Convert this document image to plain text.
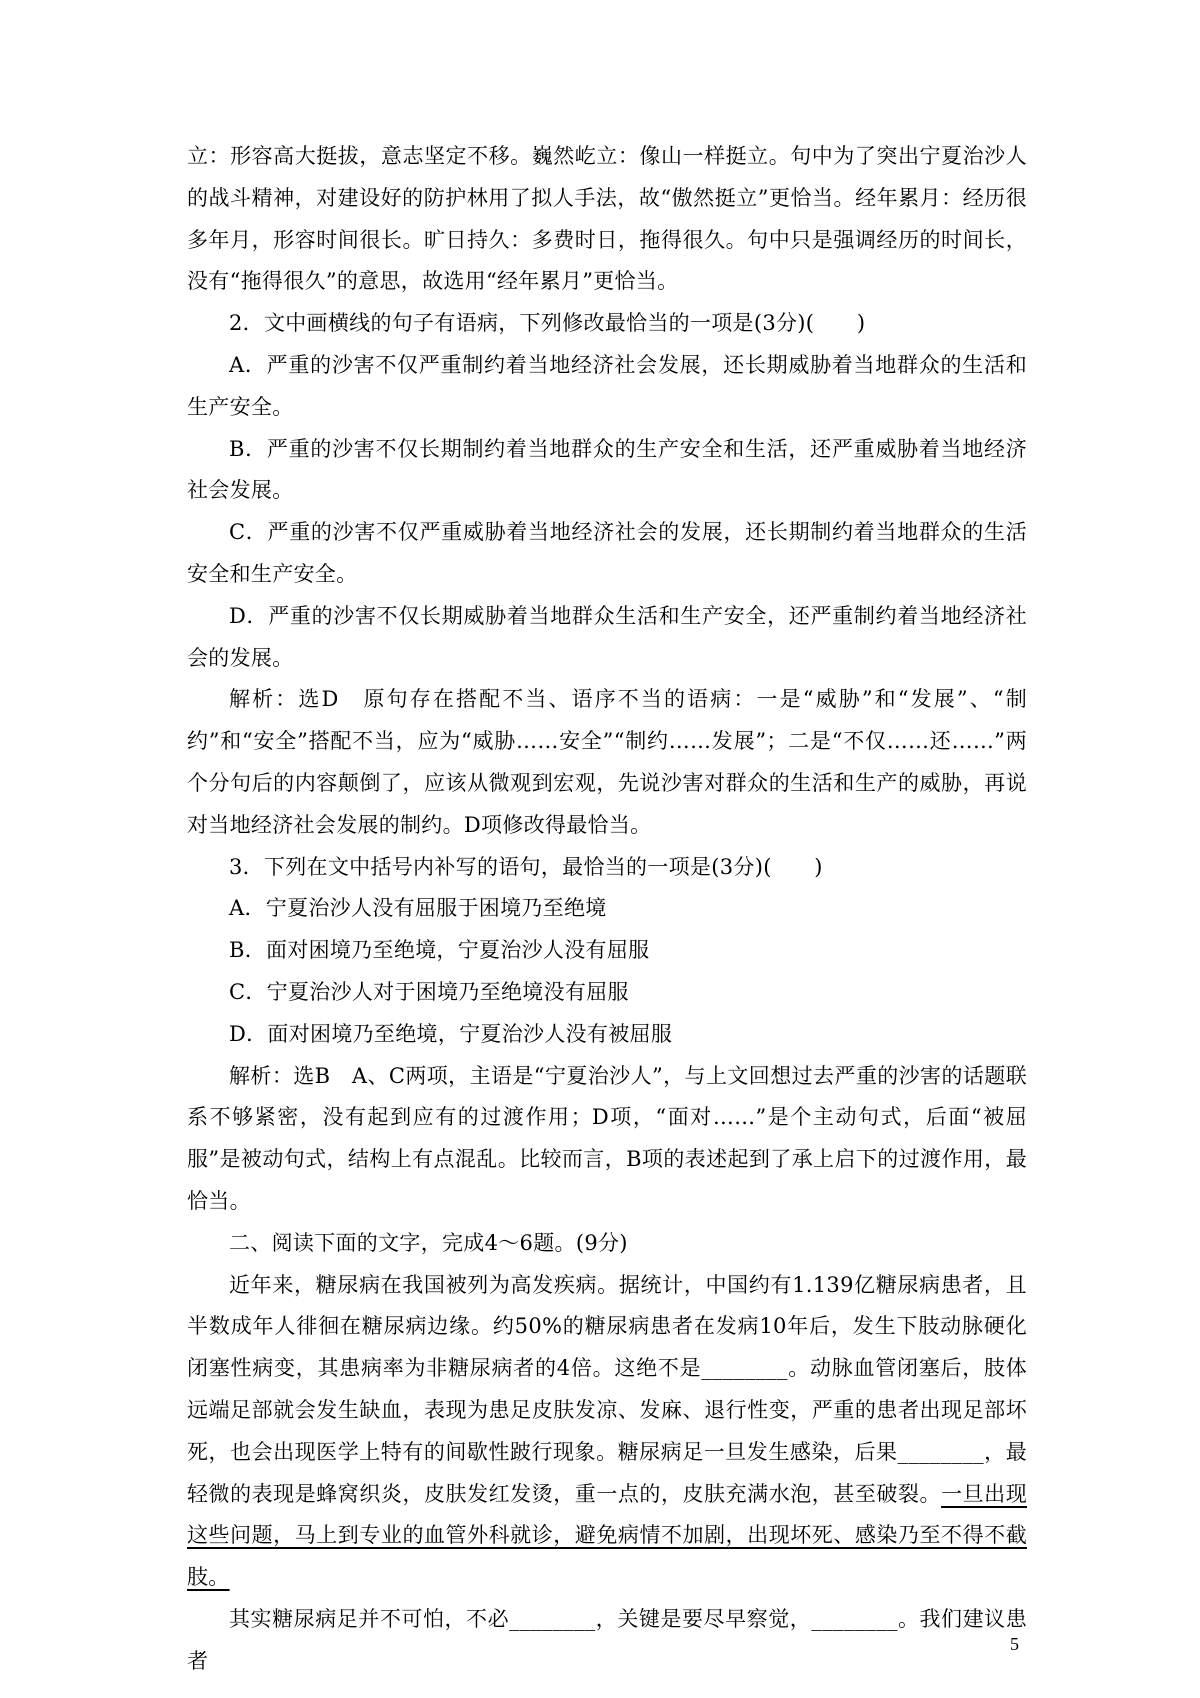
立：形容高大挺拔，意志坚定不移。巍然屹立：像山一样挺立。句中为了突出宁夏治沙人的战斗精神，对建设好的防护林用了拟人手法，故“傲然挺立”更恰当。经年累月：经历很多年月，形容时间很长。旷日持久：多费时日，拖得很久。句中只是强调经历的时间长，没有“拖得很久”的意思，故选用“经年累月”更恰当。

2．文中画横线的句子有语病，下列修改最恰当的一项是(3分)(　　)

A．严重的沙害不仅严重制约着当地经济社会发展，还长期威胁着当地群众的生活和生产安全。

B．严重的沙害不仅长期制约着当地群众的生产安全和生活，还严重威胁着当地经济社会发展。

C．严重的沙害不仅严重威胁着当地经济社会的发展，还长期制约着当地群众的生活安全和生产安全。

D．严重的沙害不仅长期威胁着当地群众生活和生产安全，还严重制约着当地经济社会的发展。

解析：选D　原句存在搭配不当、语序不当的语病：一是“威胁”和“发展”、“制约”和“安全”搭配不当，应为“威胁……安全”“制约……发展”；二是“不仅……还……”两个分句后的内容颠倒了，应该从微观到宏观，先说沙害对群众的生活和生产的威胁，再说对当地经济社会发展的制约。D项修改得最恰当。

3．下列在文中括号内补写的语句，最恰当的一项是(3分)(　　)

A．宁夏治沙人没有屈服于困境乃至绝境

B．面对困境乃至绝境，宁夏治沙人没有屈服

C．宁夏治沙人对于困境乃至绝境没有屈服

D．面对困境乃至绝境，宁夏治沙人没有被屈服

解析：选B　A、C两项，主语是“宁夏治沙人”，与上文回想过去严重的沙害的话题联系不够紧密，没有起到应有的过渡作用；D项，“面对……”是个主动句式，后面“被屈服”是被动句式，结构上有点混乱。比较而言，B项的表述起到了承上启下的过渡作用，最恰当。

二、阅读下面的文字，完成4～6题。(9分)

近年来，糖尿病在我国被列为高发疾病。据统计，中国约有1.139亿糖尿病患者，且半数成年人徘徊在糖尿病边缘。约50%的糖尿病患者在发病10年后，发生下肢动脉硬化闭塞性病变，其患病率为非糖尿病者的4倍。这绝不是________。动脉血管闭塞后，肢体远端足部就会发生缺血，表现为患足皮肤发凉、发麻、退行性变，严重的患者出现足部坏死，也会出现医学上特有的间歇性跛行现象。糖尿病足一旦发生感染，后果________，最轻微的表现是蜂窝织炎，皮肤发红发烫，重一点的，皮肤充满水泡，甚至破裂。一旦出现这些问题，马上到专业的血管外科就诊，避免病情不加剧，出现坏死、感染乃至不得不截肢。

其实糖尿病足并不可怕，不必________，关键是要尽早察觉，________。我们建议患者

5
